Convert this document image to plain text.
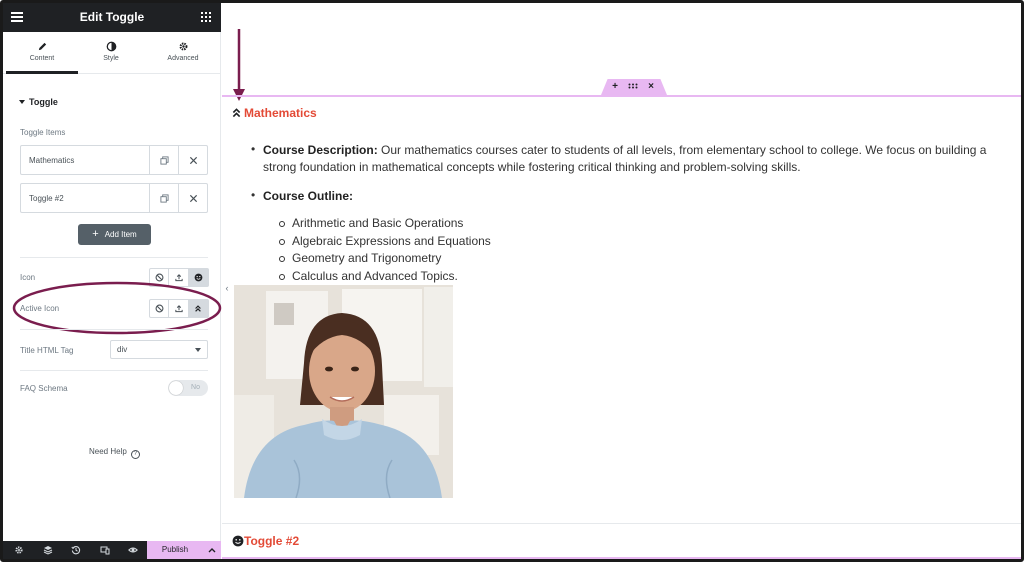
Edit Toggle
Content	Style	Advanced
Toggle
Toggle Items
Mathematics
Toggle #2
+ Add Item
Icon
Active Icon
Title HTML Tag	div
FAQ Schema	No
Need Help ?
Publish
‹
+	×
Mathematics
• Course Description: Our mathematics courses cater to students of all levels, from elementary school to college. We focus on building a strong foundation in mathematical concepts while fostering critical thinking and problem-solving skills.
• Course Outline:
Arithmetic and Basic Operations
Algebraic Expressions and Equations
Geometry and Trigonometry
Calculus and Advanced Topics.
Toggle #2
